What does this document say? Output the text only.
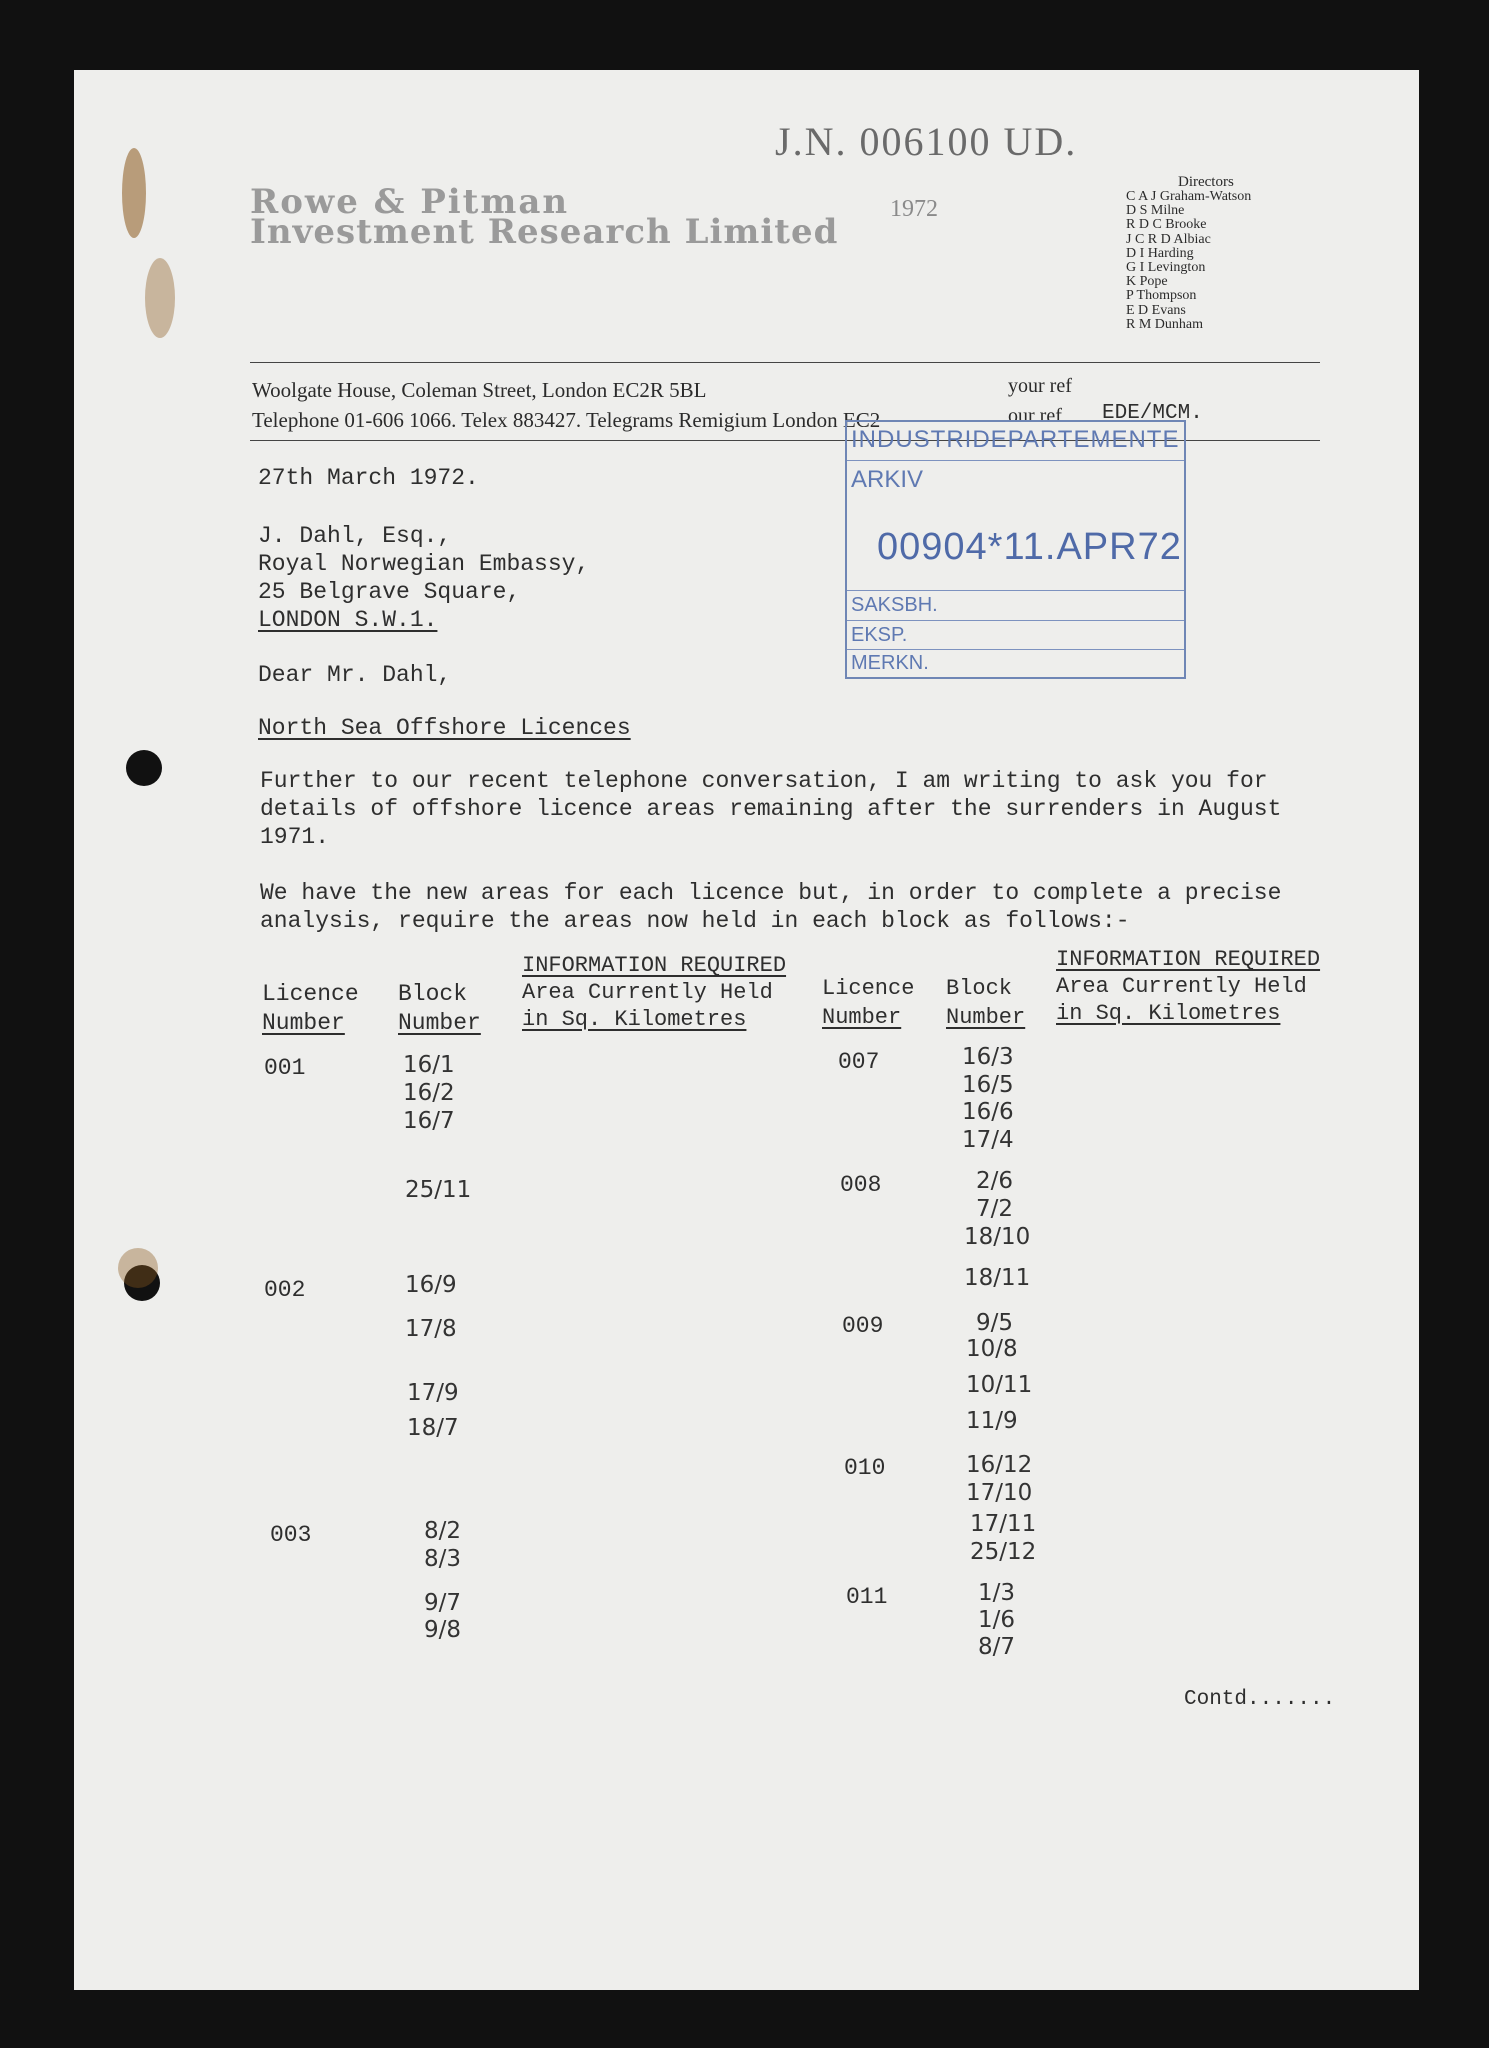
J.N. 006100 UD.
1972
Rowe & Pitman
Investment Research Limited
Directors
C A J Graham-Watson
D S Milne
R D C Brooke
J C R D Albiac
D I Harding
G I Levington
K Pope
P Thompson
E D Evans
R M Dunham
Woolgate House, Coleman Street, London EC2R 5BL
Telephone 01-606 1066. Telex 883427. Telegrams Remigium London EC2
your ref
our ref EDE/MCM.
INDUSTRIDEPARTEMENTE
ARKIV
00904*11.APR72
SAKSBH.
EKSP.
MERKN.
27th March 1972.
J. Dahl, Esq.,
Royal Norwegian Embassy,
25 Belgrave Square,
LONDON S.W.1.
Dear Mr. Dahl,
North Sea Offshore Licences
Further to our recent telephone conversation, I am writing to ask you for
details of offshore licence areas remaining after the surrenders in August
1971.
We have the new areas for each licence but, in order to complete a precise
analysis, require the areas now held in each block as follows:-
Licence
Number
Block
Number
INFORMATION REQUIRED
Area Currently Held
in Sq. Kilometres
Licence
Number
Block
Number
INFORMATION REQUIRED
Area Currently Held
in Sq. Kilometres
001	16/1
16/2
16/7
25/11
002	16/9
17/8
17/9
18/7
003	8/2
8/3
9/7
9/8
007	16/3
16/5
16/6
17/4
008	2/6
7/2
18/10
18/11
009	9/5
10/8
10/11
11/9
010	16/12
17/10
17/11
25/12
011	1/3
1/6
8/7
Contd.......
